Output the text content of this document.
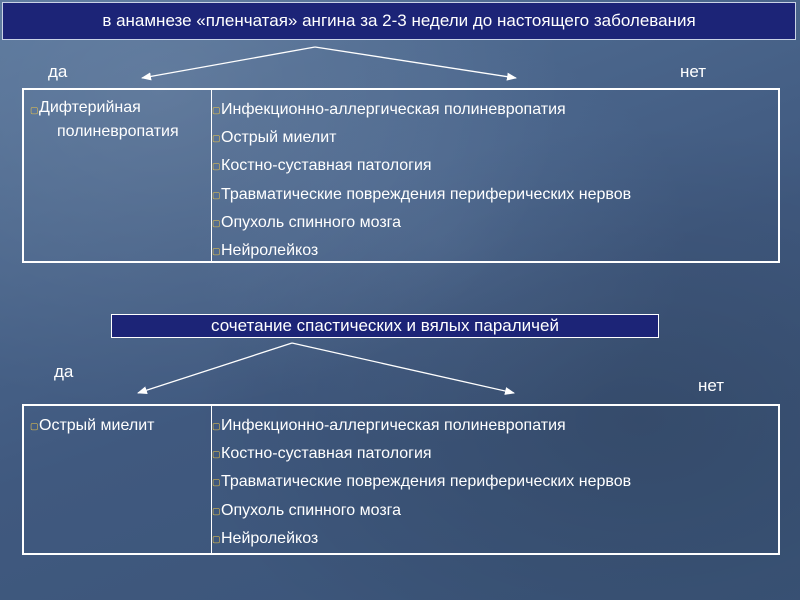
в анамнезе «пленчатая» ангина за 2-3 недели до настоящего заболевания
да	нет
▢ Дифтерийная
полиневропатия
▢ Инфекционно-аллергическая полиневропатия
▢ Острый миелит
▢ Костно-суставная патология
▢ Травматические повреждения периферических нервов
▢ Опухоль спинного мозга
▢ Нейролейкоз
сочетание спастических и вялых параличей
да
нет
▢ Острый миелит	▢ Инфекционно-аллергическая полиневропатия
▢ Костно-суставная патология
▢ Травматические повреждения периферических нервов
▢ Опухоль спинного мозга
▢ Нейролейкоз
